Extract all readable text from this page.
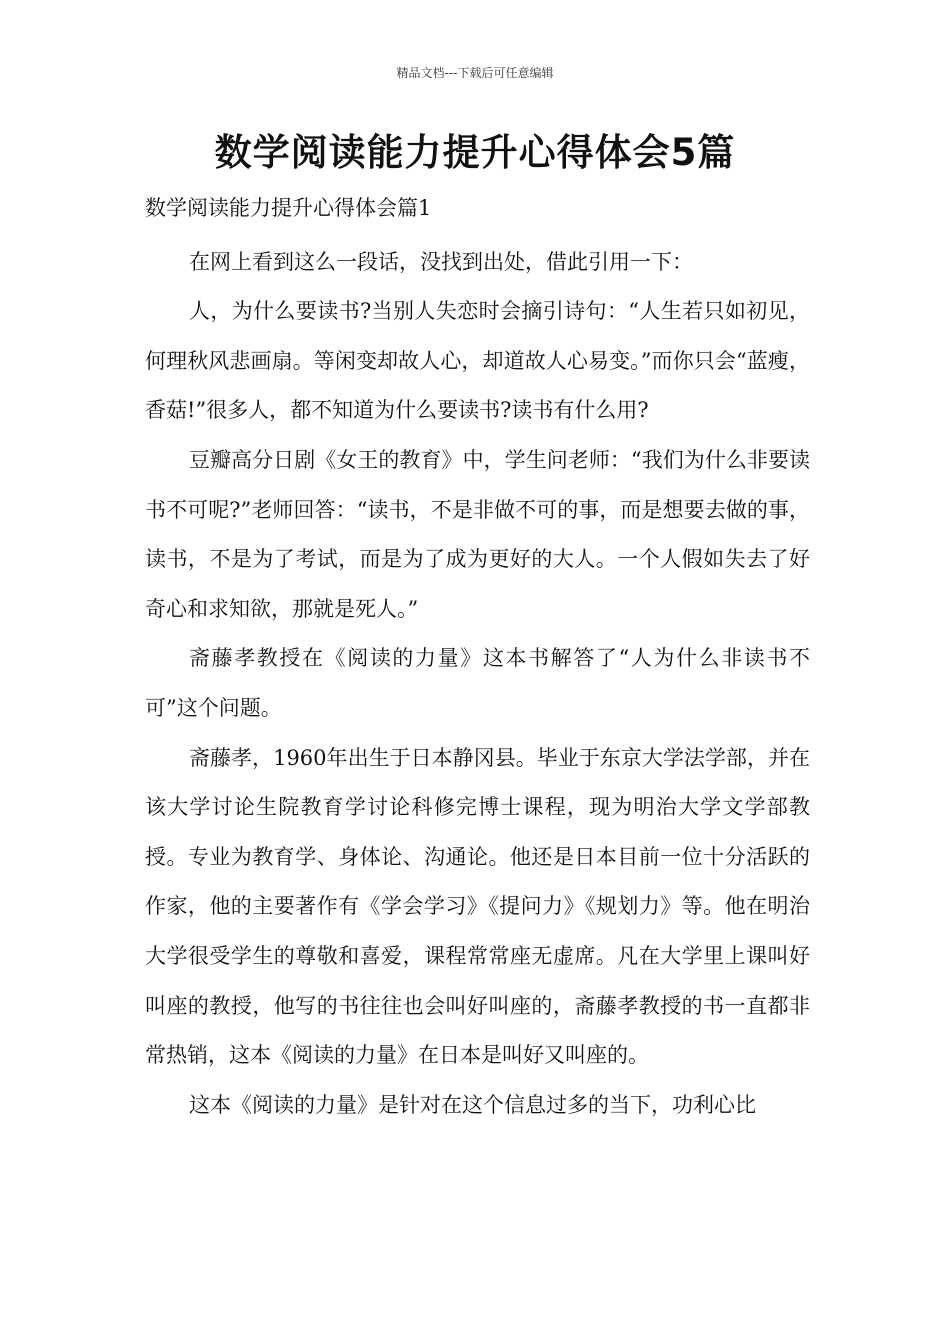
精品文档---下载后可任意编辑
数学阅读能力提升心得体会5篇

数学阅读能力提升心得体会篇1

在网上看到这么一段话，没找到出处，借此引用一下：

人，为什么要读书?当别人失恋时会摘引诗句：“人生若只如初见，何理秋风悲画扇。等闲变却故人心，却道故人心易变。”而你只会“蓝瘦，香菇!”很多人，都不知道为什么要读书?读书有什么用?

豆瓣高分日剧《女王的教育》中，学生问老师：“我们为什么非要读书不可呢?”老师回答：“读书，不是非做不可的事，而是想要去做的事，读书，不是为了考试，而是为了成为更好的大人。一个人假如失去了好奇心和求知欲，那就是死人。”

斋藤孝教授在《阅读的力量》这本书解答了“人为什么非读书不可”这个问题。

斋藤孝，1960年出生于日本静冈县。毕业于东京大学法学部，并在该大学讨论生院教育学讨论科修完博士课程，现为明治大学文学部教授。专业为教育学、身体论、沟通论。他还是日本目前一位十分活跃的作家，他的主要著作有《学会学习》《提问力》《规划力》等。他在明治大学很受学生的尊敬和喜爱，课程常常座无虚席。凡在大学里上课叫好叫座的教授，他写的书往往也会叫好叫座的，斋藤孝教授的书一直都非常热销，这本《阅读的力量》在日本是叫好又叫座的。

这本《阅读的力量》是针对在这个信息过多的当下，功利心比
